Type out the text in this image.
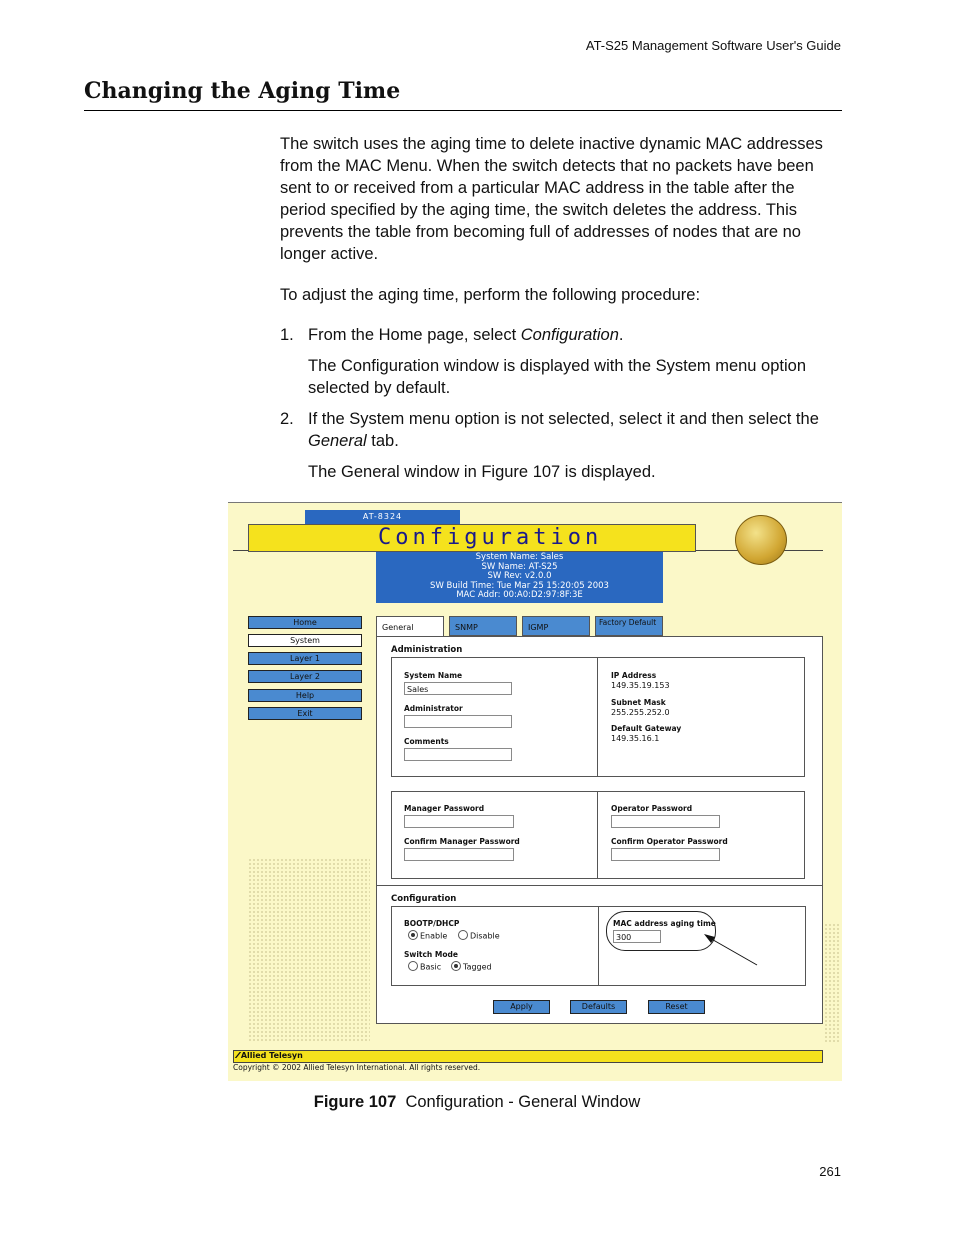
AT-S25 Management Software User's Guide
Changing the Aging Time
The switch uses the aging time to delete inactive dynamic MAC addresses from the MAC Menu. When the switch detects that no packets have been sent to or received from a particular MAC address in the table after the period specified by the aging time, the switch deletes the address. This prevents the table from becoming full of addresses of nodes that are no longer active.
To adjust the aging time, perform the following procedure:
1. From the Home page, select Configuration.
The Configuration window is displayed with the System menu option selected by default.
2. If the System menu option is not selected, select it and then select the General tab.
The General window in Figure 107 is displayed.
AT-8324
Configuration
System Name: Sales
SW Name: AT-S25
SW Rev: v2.0.0
SW Build Time: Tue Mar 25 15:20:05 2003
MAC Addr: 00:A0:D2:97:8F:3E
Home
System
Layer 1
Layer 2
Help
Exit
General	SNMP	IGMP
Factory Default
Administration
System Name
Sales
Administrator
Comments
IP Address
149.35.19.153
Subnet Mask
255.255.252.0
Default Gateway
149.35.16.1
Manager Password
Confirm Manager Password
Operator Password
Confirm Operator Password
Configuration
BOOTP/DHCP
Enable	Disable
Switch Mode
Basic	Tagged
MAC address aging time
300
Apply	Defaults	Reset
⁄⁄⁄ Allied Telesyn
Copyright © 2002 Allied Telesyn International. All rights reserved.
Figure 107 Configuration - General Window
261
